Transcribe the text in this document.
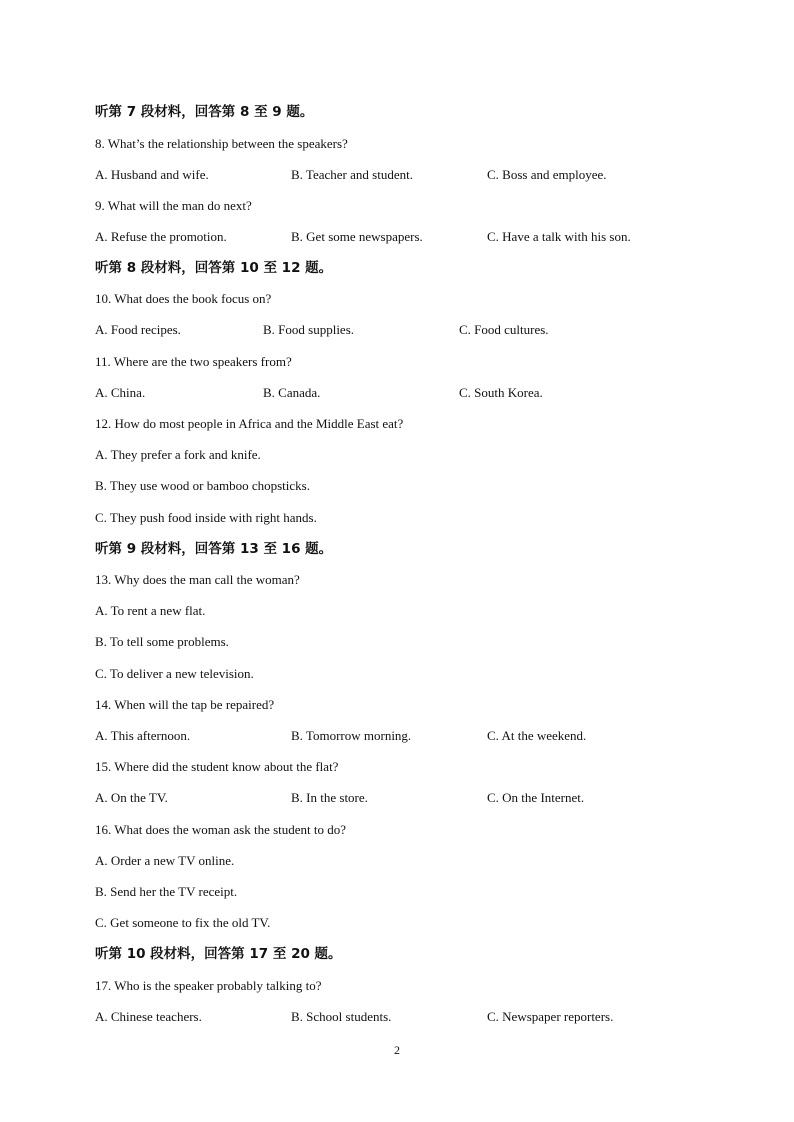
听第 7 段材料，回答第 8 至 9 题。
8. What’s the relationship between the speakers?
A. Husband and wife.	B. Teacher and student.	C. Boss and employee.
9. What will the man do next?
A. Refuse the promotion.	B. Get some newspapers.	C. Have a talk with his son.
听第 8 段材料，回答第 10 至 12 题。
10. What does the book focus on?
A. Food recipes.	B. Food supplies.	C. Food cultures.
11. Where are the two speakers from?
A. China.	B. Canada.	C. South Korea.
12. How do most people in Africa and the Middle East eat?
A. They prefer a fork and knife.
B. They use wood or bamboo chopsticks.
C. They push food inside with right hands.
听第 9 段材料，回答第 13 至 16 题。
13. Why does the man call the woman?
A. To rent a new flat.
B. To tell some problems.
C. To deliver a new television.
14. When will the tap be repaired?
A. This afternoon.	B. Tomorrow morning.	C. At the weekend.
15. Where did the student know about the flat?
A. On the TV.	B. In the store.	C. On the Internet.
16. What does the woman ask the student to do?
A. Order a new TV online.
B. Send her the TV receipt.
C. Get someone to fix the old TV.
听第 10 段材料，回答第 17 至 20 题。
17. Who is the speaker probably talking to?
A. Chinese teachers.	B. School students.	C. Newspaper reporters.
2
